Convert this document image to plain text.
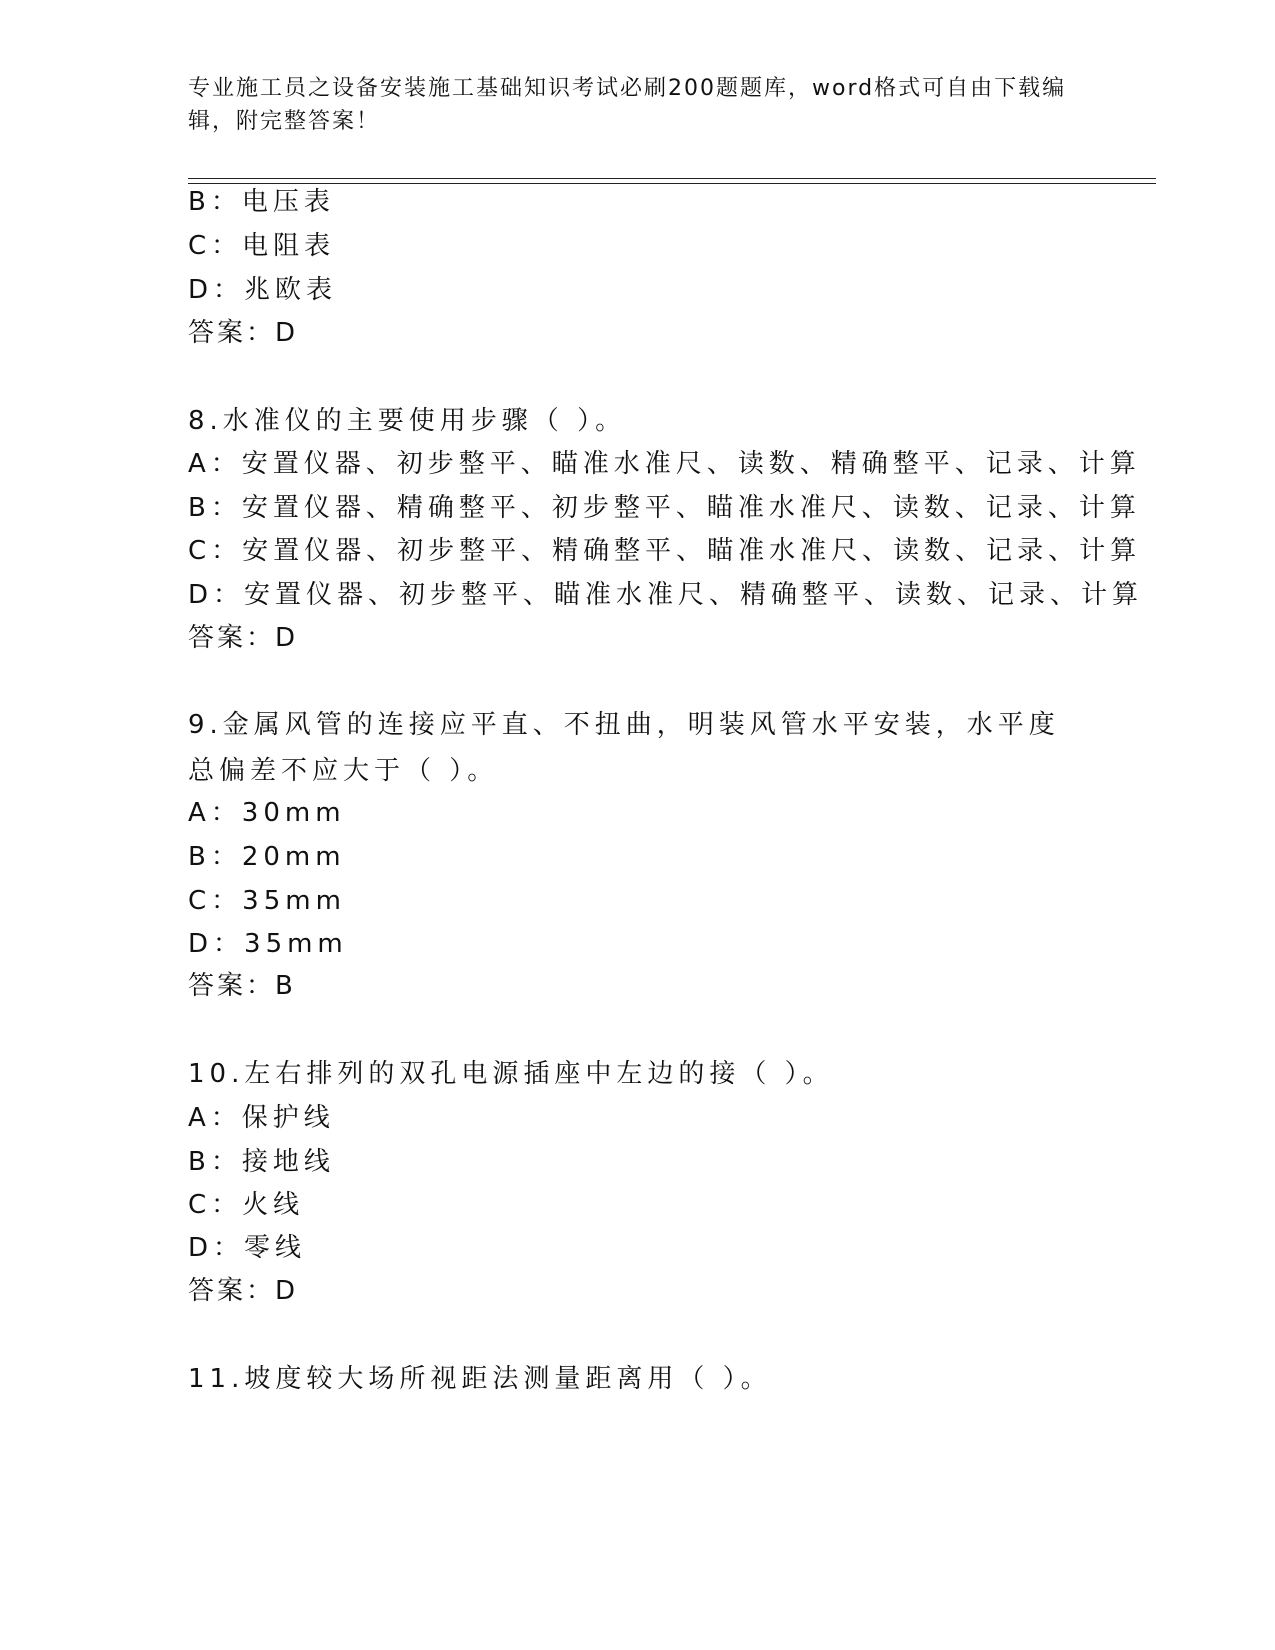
专业施工员之设备安装施工基础知识考试必刷200题题库，word格式可自由下载编辑，附完整答案！
B：电压表
C：电阻表
D：兆欧表
答案：D
8.水准仪的主要使用步骤（ ）。
A：安置仪器、初步整平、瞄准水准尺、读数、精确整平、记录、计算
B：安置仪器、精确整平、初步整平、瞄准水准尺、读数、记录、计算
C：安置仪器、初步整平、精确整平、瞄准水准尺、读数、记录、计算
D：安置仪器、初步整平、瞄准水准尺、精确整平、读数、记录、计算
答案：D
9.金属风管的连接应平直、不扭曲，明装风管水平安装，水平度总偏差不应大于（ ）。
A：30mm
B：20mm
C：35mm
D：35mm
答案：B
10.左右排列的双孔电源插座中左边的接（ ）。
A：保护线
B：接地线
C：火线
D：零线
答案：D
11.坡度较大场所视距法测量距离用（ ）。
